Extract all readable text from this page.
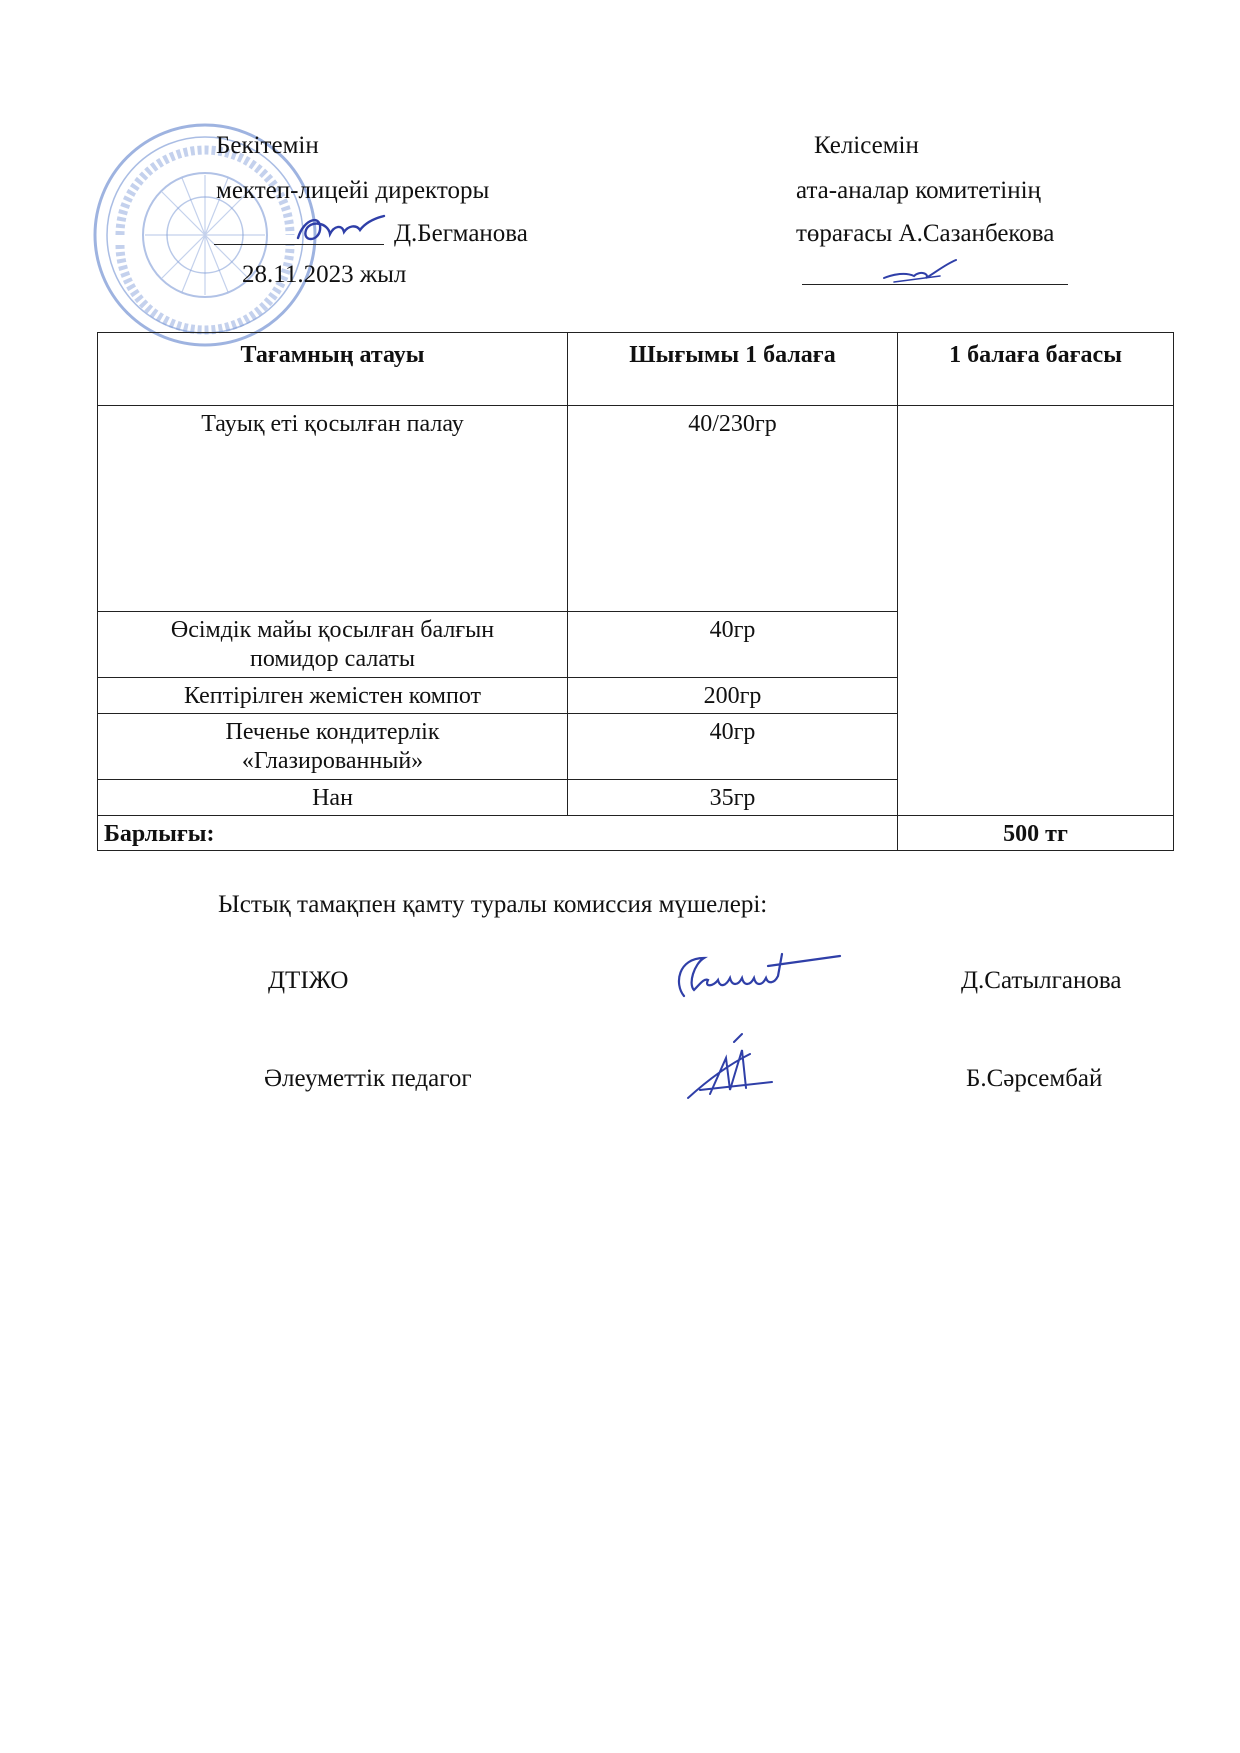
Бекітемін
мектеп-лицейі директоры
Д.Бегманова
28.11.2023 жыл
Келісемін
ата-аналар комитетінің
төрағасы А.Сазанбекова
Тағамның атауы	Шығымы 1 балаға	1 балаға бағасы
Тауық еті қосылған палау	40/230гр	
Өсімдік майы қосылған балғын помидор салаты	40гр	
Кептірілген жемістен компот	200гр	
Печенье кондитерлік «Глазированный»	40гр	
Нан	35гр	
Барлығы:		500 тг
Ыстық тамақпен қамту туралы комиссия мүшелері:
ДТІЖО	Д.Сатылганова
Әлеуметтік педагог	Б.Сәрсембай
